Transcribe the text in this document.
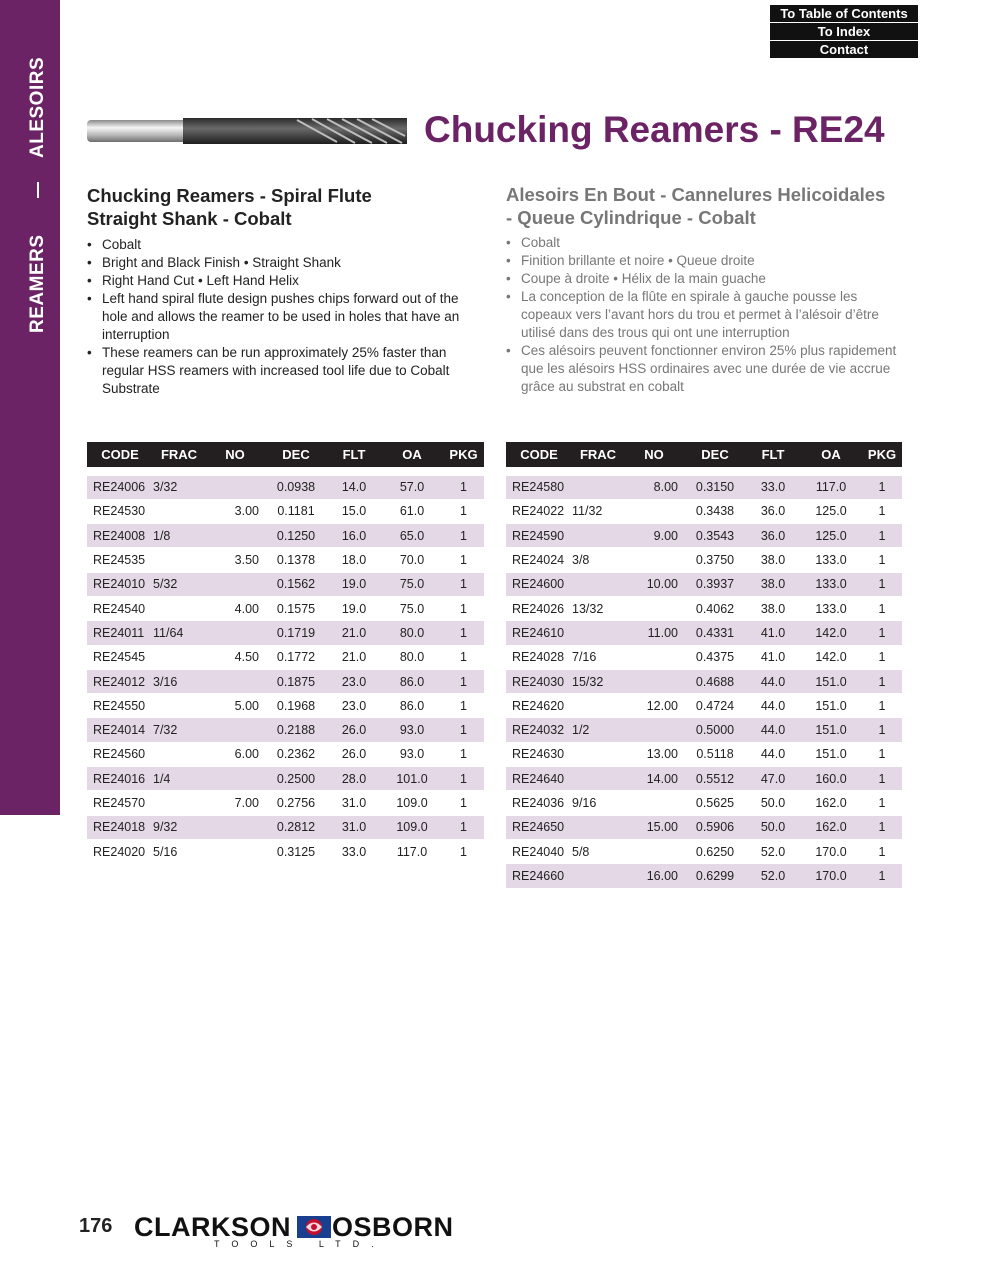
REAMERS
ALESOIRS
To Table of Contents
To Index
Contact
Chucking Reamers - RE24
Chucking Reamers - Spiral Flute
Straight Shank - Cobalt
Alesoirs En Bout - Cannelures Helicoidales
- Queue Cylindrique - Cobalt
• Cobalt
• Bright and Black Finish • Straight Shank
• Right Hand Cut • Left Hand Helix
• Left hand spiral flute design pushes chips forward out of the hole and allows the reamer to be used in holes that have an interruption
• These reamers can be run approximately 25% faster than regular HSS reamers with increased tool life due to Cobalt Substrate
• Cobalt
• Finition brillante et noire • Queue droite
• Coupe à droite • Hélix de la main guache
• La conception de la flûte en spirale à gauche pousse les copeaux vers l’avant hors du trou et permet à l’alésoir d’être utilisé dans des trous qui ont une interruption
• Ces alésoirs peuvent fonctionner environ 25% plus rapidement que les alésoirs HSS ordinaires avec une durée de vie accrue grâce au substrat en cobalt
CODE	FRAC	NO	DEC	FLT	OA	PKG

RE24006	3/32		0.0938	14.0	57.0	1
RE24530		3.00	0.1181	15.0	61.0	1
RE24008	1/8		0.1250	16.0	65.0	1
RE24535		3.50	0.1378	18.0	70.0	1
RE24010	5/32		0.1562	19.0	75.0	1
RE24540		4.00	0.1575	19.0	75.0	1
RE24011	11/64		0.1719	21.0	80.0	1
RE24545		4.50	0.1772	21.0	80.0	1
RE24012	3/16		0.1875	23.0	86.0	1
RE24550		5.00	0.1968	23.0	86.0	1
RE24014	7/32		0.2188	26.0	93.0	1
RE24560		6.00	0.2362	26.0	93.0	1
RE24016	1/4		0.2500	28.0	101.0	1
RE24570		7.00	0.2756	31.0	109.0	1
RE24018	9/32		0.2812	31.0	109.0	1
RE24020	5/16		0.3125	33.0	117.0	1
CODE	FRAC	NO	DEC	FLT	OA	PKG

RE24580		8.00	0.3150	33.0	117.0	1
RE24022	11/32		0.3438	36.0	125.0	1
RE24590		9.00	0.3543	36.0	125.0	1
RE24024	3/8		0.3750	38.0	133.0	1
RE24600		10.00	0.3937	38.0	133.0	1
RE24026	13/32		0.4062	38.0	133.0	1
RE24610		11.00	0.4331	41.0	142.0	1
RE24028	7/16		0.4375	41.0	142.0	1
RE24030	15/32		0.4688	44.0	151.0	1
RE24620		12.00	0.4724	44.0	151.0	1
RE24032	1/2		0.5000	44.0	151.0	1
RE24630		13.00	0.5118	44.0	151.0	1
RE24640		14.00	0.5512	47.0	160.0	1
RE24036	9/16		0.5625	50.0	162.0	1
RE24650		15.00	0.5906	50.0	162.0	1
RE24040	5/8		0.6250	52.0	170.0	1
RE24660		16.00	0.6299	52.0	170.0	1
176 CLARKSON OSBORN
TOOLS LTD.
